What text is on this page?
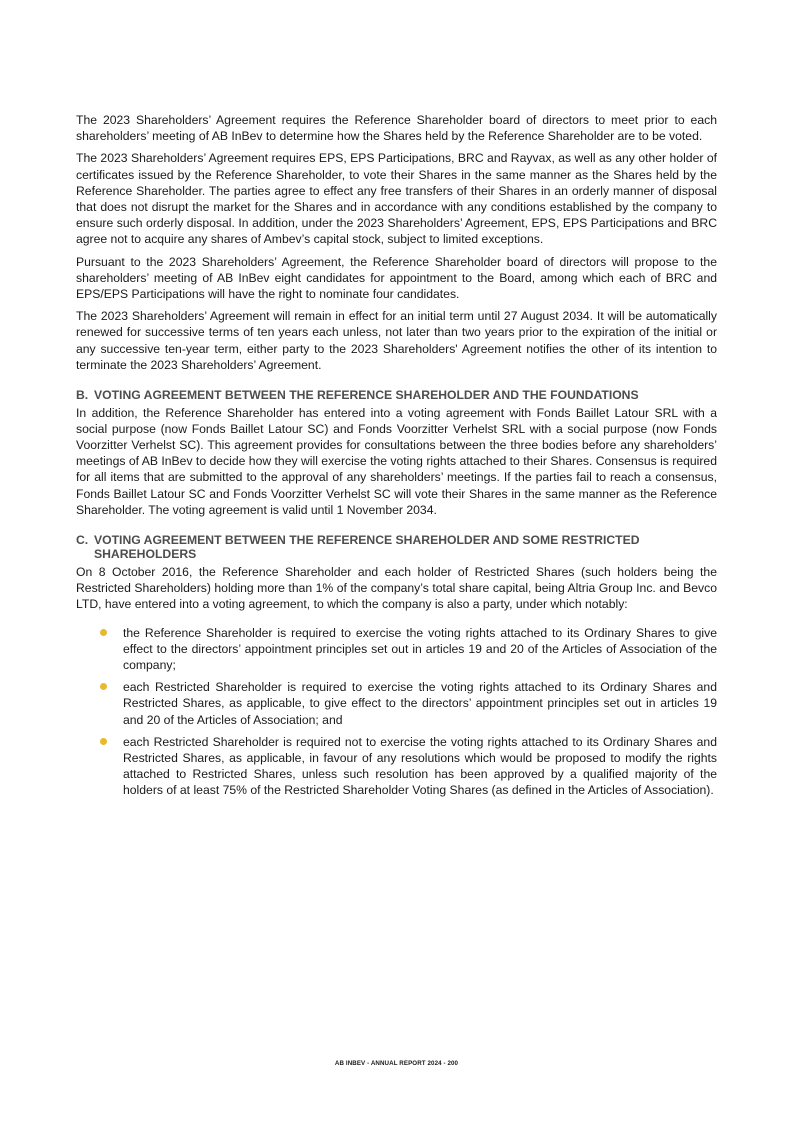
The 2023 Shareholders’ Agreement requires the Reference Shareholder board of directors to meet prior to each shareholders’ meeting of AB InBev to determine how the Shares held by the Reference Shareholder are to be voted.

The 2023 Shareholders’ Agreement requires EPS, EPS Participations, BRC and Rayvax, as well as any other holder of certificates issued by the Reference Shareholder, to vote their Shares in the same manner as the Shares held by the Reference Shareholder. The parties agree to effect any free transfers of their Shares in an orderly manner of disposal that does not disrupt the market for the Shares and in accordance with any conditions established by the company to ensure such orderly disposal. In addition, under the 2023 Shareholders’ Agreement, EPS, EPS Participations and BRC agree not to acquire any shares of Ambev’s capital stock, subject to limited exceptions.

Pursuant to the 2023 Shareholders’ Agreement, the Reference Shareholder board of directors will propose to the shareholders’ meeting of AB InBev eight candidates for appointment to the Board, among which each of BRC and EPS/EPS Participations will have the right to nominate four candidates.

The 2023 Shareholders’ Agreement will remain in effect for an initial term until 27 August 2034. It will be automatically renewed for successive terms of ten years each unless, not later than two years prior to the expiration of the initial or any successive ten-year term, either party to the 2023 Shareholders' Agreement notifies the other of its intention to terminate the 2023 Shareholders’ Agreement.

B. VOTING AGREEMENT BETWEEN THE REFERENCE SHAREHOLDER AND THE FOUNDATIONS

In addition, the Reference Shareholder has entered into a voting agreement with Fonds Baillet Latour SRL with a social purpose (now Fonds Baillet Latour SC) and Fonds Voorzitter Verhelst SRL with a social purpose (now Fonds Voorzitter Verhelst SC). This agreement provides for consultations between the three bodies before any shareholders’ meetings of AB InBev to decide how they will exercise the voting rights attached to their Shares. Consensus is required for all items that are submitted to the approval of any shareholders’ meetings. If the parties fail to reach a consensus, Fonds Baillet Latour SC and Fonds Voorzitter Verhelst SC will vote their Shares in the same manner as the Reference Shareholder. The voting agreement is valid until 1 November 2034.

C. VOTING AGREEMENT BETWEEN THE REFERENCE SHAREHOLDER AND SOME RESTRICTED SHAREHOLDERS

On 8 October 2016, the Reference Shareholder and each holder of Restricted Shares (such holders being the Restricted Shareholders) holding more than 1% of the company’s total share capital, being Altria Group Inc. and Bevco LTD, have entered into a voting agreement, to which the company is also a party, under which notably:

the Reference Shareholder is required to exercise the voting rights attached to its Ordinary Shares to give effect to the directors’ appointment principles set out in articles 19 and 20 of the Articles of Association of the company;
each Restricted Shareholder is required to exercise the voting rights attached to its Ordinary Shares and Restricted Shares, as applicable, to give effect to the directors’ appointment principles set out in articles 19 and 20 of the Articles of Association; and
each Restricted Shareholder is required not to exercise the voting rights attached to its Ordinary Shares and Restricted Shares, as applicable, in favour of any resolutions which would be proposed to modify the rights attached to Restricted Shares, unless such resolution has been approved by a qualified majority of the holders of at least 75% of the Restricted Shareholder Voting Shares (as defined in the Articles of Association).
AB INBEV - ANNUAL REPORT 2024 - 200
